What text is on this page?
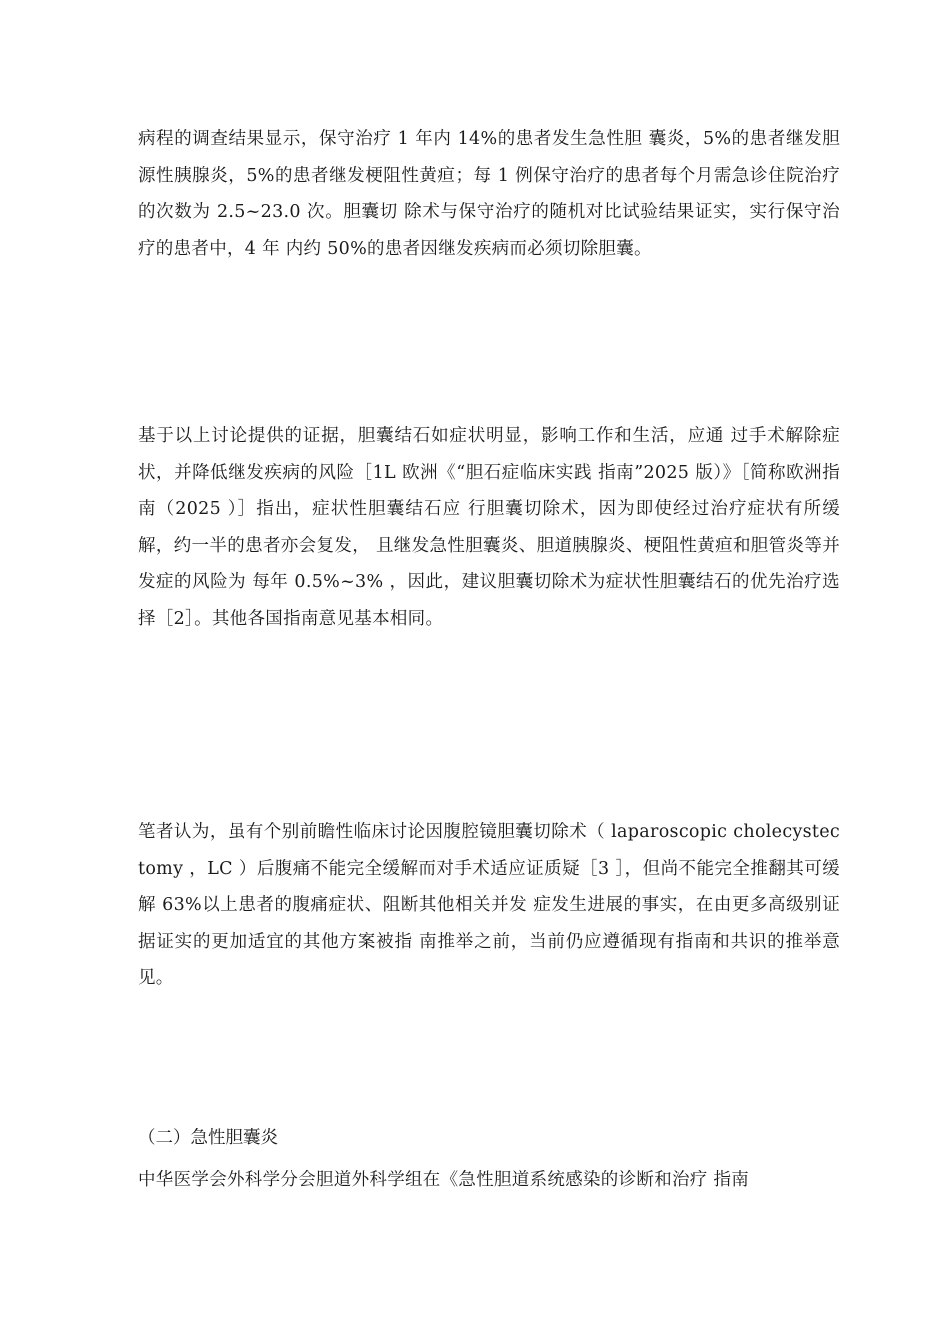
病程的调查结果显示，保守治疗 1 年内 14%的患者发生急性胆 囊炎，5%的患者继发胆源性胰腺炎，5%的患者继发梗阻性黄疸；每 1 例保守治疗的患者每个月需急诊住院治疗的次数为 2.5~23.0 次。胆囊切 除术与保守治疗的随机对比试验结果证实，实行保守治疗的患者中，4 年 内约 50%的患者因继发疾病而必须切除胆囊。

基于以上讨论提供的证据，胆囊结石如症状明显，影响工作和生活，应通 过手术解除症状，并降低继发疾病的风险［1L 欧洲《“胆石症临床实践 指南”2025 版）》［简称欧洲指南（2025 ）］指出，症状性胆囊结石应 行胆囊切除术，因为即使经过治疗症状有所缓解，约一半的患者亦会复发， 且继发急性胆囊炎、胆道胰腺炎、梗阻性黄疸和胆管炎等并发症的风险为 每年 0.5%~3% ，因此，建议胆囊切除术为症状性胆囊结石的优先治疗选 择［2］。其他各国指南意见基本相同。

笔者认为，虽有个别前瞻性临床讨论因腹腔镜胆囊切除术（ laparoscopic cholecystectomy ，LC ）后腹痛不能完全缓解而对手术适应证质疑［3 ］，但尚不能完全推翻其可缓解 63%以上患者的腹痛症状、阻断其他相关并发 症发生进展的事实，在由更多高级别证据证实的更加适宜的其他方案被指 南推举之前，当前仍应遵循现有指南和共识的推举意见。

（二）急性胆囊炎

中华医学会外科学分会胆道外科学组在《急性胆道系统感染的诊断和治疗 指南
